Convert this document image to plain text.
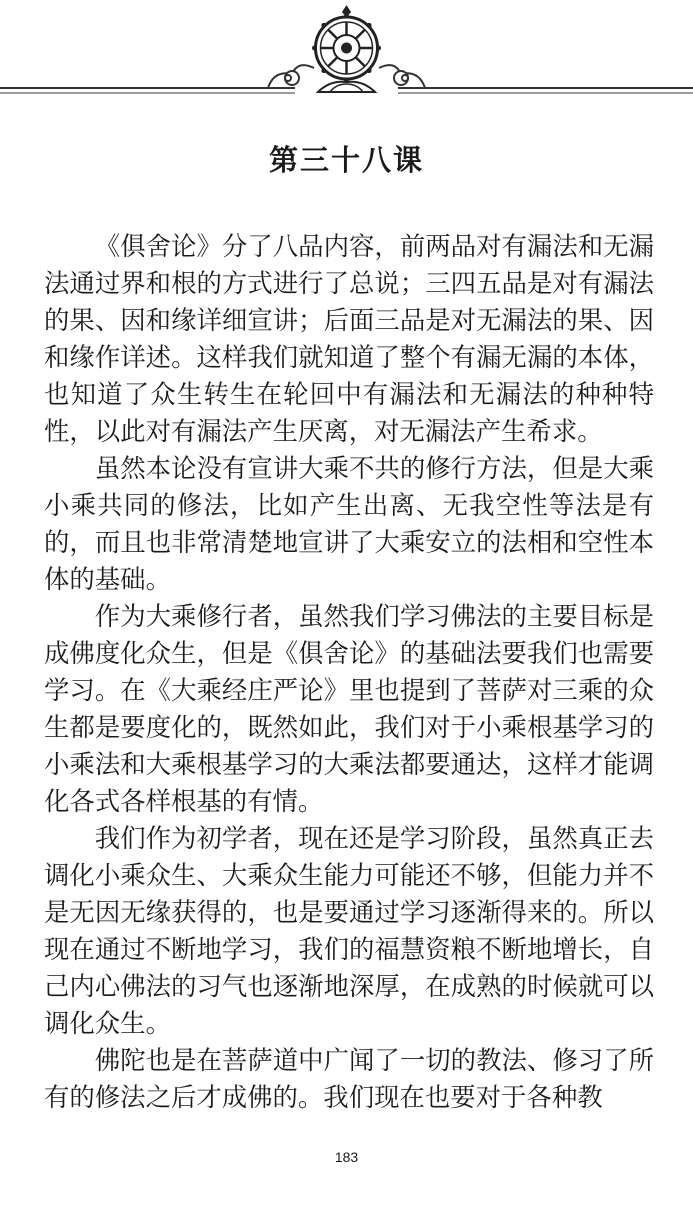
第三十八课

《俱舍论》分了八品内容，前两品对有漏法和无漏法通过界和根的方式进行了总说；三四五品是对有漏法的果、因和缘详细宣讲；后面三品是对无漏法的果、因和缘作详述。这样我们就知道了整个有漏无漏的本体，也知道了众生转生在轮回中有漏法和无漏法的种种特性，以此对有漏法产生厌离，对无漏法产生希求。

虽然本论没有宣讲大乘不共的修行方法，但是大乘小乘共同的修法，比如产生出离、无我空性等法是有的，而且也非常清楚地宣讲了大乘安立的法相和空性本体的基础。

作为大乘修行者，虽然我们学习佛法的主要目标是成佛度化众生，但是《俱舍论》的基础法要我们也需要学习。在《大乘经庄严论》里也提到了菩萨对三乘的众生都是要度化的，既然如此，我们对于小乘根基学习的小乘法和大乘根基学习的大乘法都要通达，这样才能调化各式各样根基的有情。

我们作为初学者，现在还是学习阶段，虽然真正去调化小乘众生、大乘众生能力可能还不够，但能力并不是无因无缘获得的，也是要通过学习逐渐得来的。所以现在通过不断地学习，我们的福慧资粮不断地增长，自己内心佛法的习气也逐渐地深厚，在成熟的时候就可以调化众生。

佛陀也是在菩萨道中广闻了一切的教法、修习了所有的修法之后才成佛的。我们现在也要对于各种教

183
